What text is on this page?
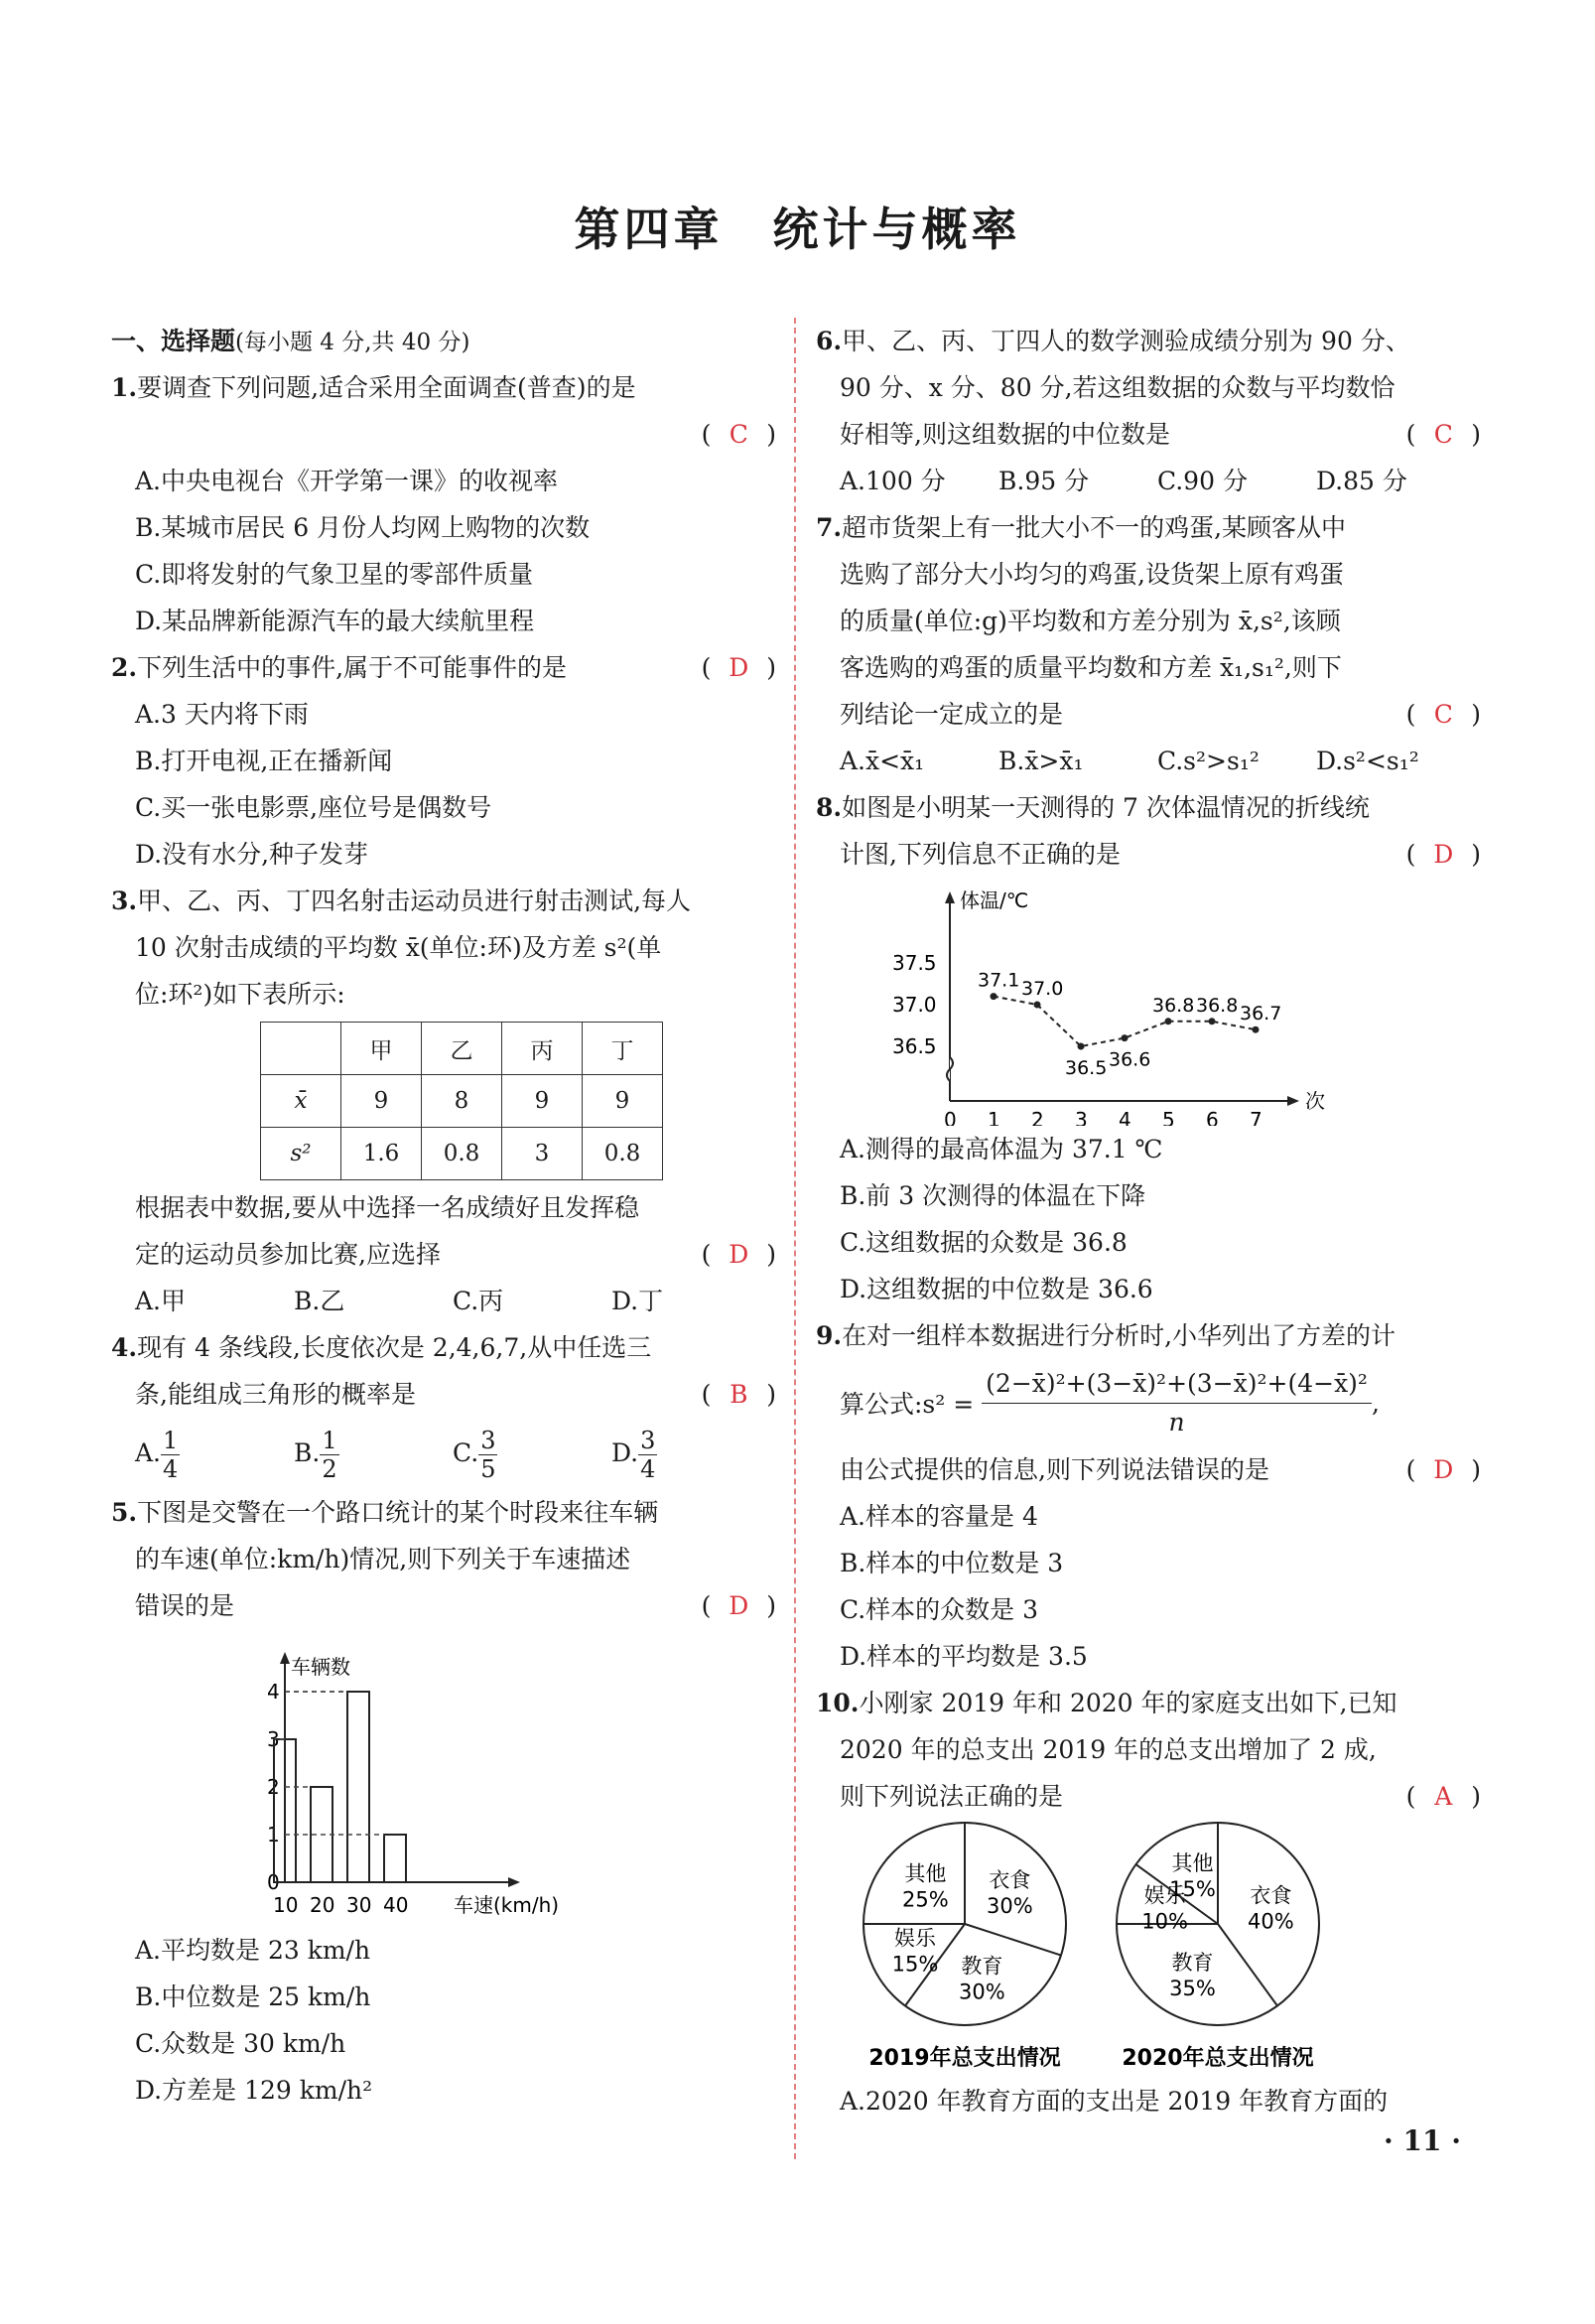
第四章　统计与概率
一、选择题(每小题 4 分,共 40 分)
1.要调查下列问题,适合采用全面调查(普查)的是
( C )
A.中央电视台《开学第一课》的收视率
B.某城市居民 6 月份人均网上购物的次数
C.即将发射的气象卫星的零部件质量
D.某品牌新能源汽车的最大续航里程
2.下列生活中的事件,属于不可能事件的是	( D )
A.3 天内将下雨
B.打开电视,正在播新闻
C.买一张电影票,座位号是偶数号
D.没有水分,种子发芽
3.甲、乙、丙、丁四名射击运动员进行射击测试,每人
10 次射击成绩的平均数 x̄(单位:环)及方差 s²(单
位:环²)如下表所示:
	甲	乙	丙	丁
x̄	9	8	9	9
s²	1.6	0.8	3	0.8
根据表中数据,要从中选择一名成绩好且发挥稳
定的运动员参加比赛,应选择	( D )
A.甲	B.乙	C.丙	D.丁
4.现有 4 条线段,长度依次是 2,4,6,7,从中任选三
条,能组成三角形的概率是	( B )
A. $\frac{1}{4}$	B. $\frac{1}{2}$	C. $\frac{3}{5}$	D. $\frac{3}{4}$
5.下图是交警在一个路口统计的某个时段来往车辆
的车速(单位:km/h)情况,则下列关于车速描述
错误的是	( D )
车辆数
车速(km/h)
0
1
2
3
4
10 20 30 40
A.平均数是 23 km/h
B.中位数是 25 km/h
C.众数是 30 km/h
D.方差是 129 km/h²
6.甲、乙、丙、丁四人的数学测验成绩分别为 90 分、
90 分、x 分、80 分,若这组数据的众数与平均数恰
好相等,则这组数据的中位数是	( C )
A.100 分	B.95 分	C.90 分	D.85 分
7.超市货架上有一批大小不一的鸡蛋,某顾客从中
选购了部分大小均匀的鸡蛋,设货架上原有鸡蛋
的质量(单位:g)平均数和方差分别为 x̄,s²,该顾
客选购的鸡蛋的质量平均数和方差 x̄₁,s₁²,则下
列结论一定成立的是	( C )
A.x̄<x̄₁	B.x̄>x̄₁	C.s²>s₁²	D.s²<s₁²
8.如图是小明某一天测得的 7 次体温情况的折线统
计图,下列信息不正确的是	( D )
体温/℃
次
36.5
37.0
37.5
0 1 2 3 4 5 6 7
37.1 37.0
36.5 36.6
36.8 36.8 36.7
A.测得的最高体温为 37.1 ℃
B.前 3 次测得的体温在下降
C.这组数据的众数是 36.8
D.这组数据的中位数是 36.6
9.在对一组样本数据进行分析时,小华列出了方差的计
算公式:s² = $\frac{\text{(2−x̄)²+(3−x̄)²+(3−x̄)²+(4−x̄)²}}{n}$ ,
由公式提供的信息,则下列说法错误的是	( D )
A.样本的容量是 4
B.样本的中位数是 3
C.样本的众数是 3
D.样本的平均数是 3.5
10.小刚家 2019 年和 2020 年的家庭支出如下,已知
2020 年的总支出 2019 年的总支出增加了 2 成,
则下列说法正确的是	( A )
衣食
30%
教育
30%
娱乐
15%
其他
25%
2019年总支出情况
衣食
40%
教育
35%
娱乐
10%
其他
15%
2020年总支出情况
A.2020 年教育方面的支出是 2019 年教育方面的
· 11 ·
